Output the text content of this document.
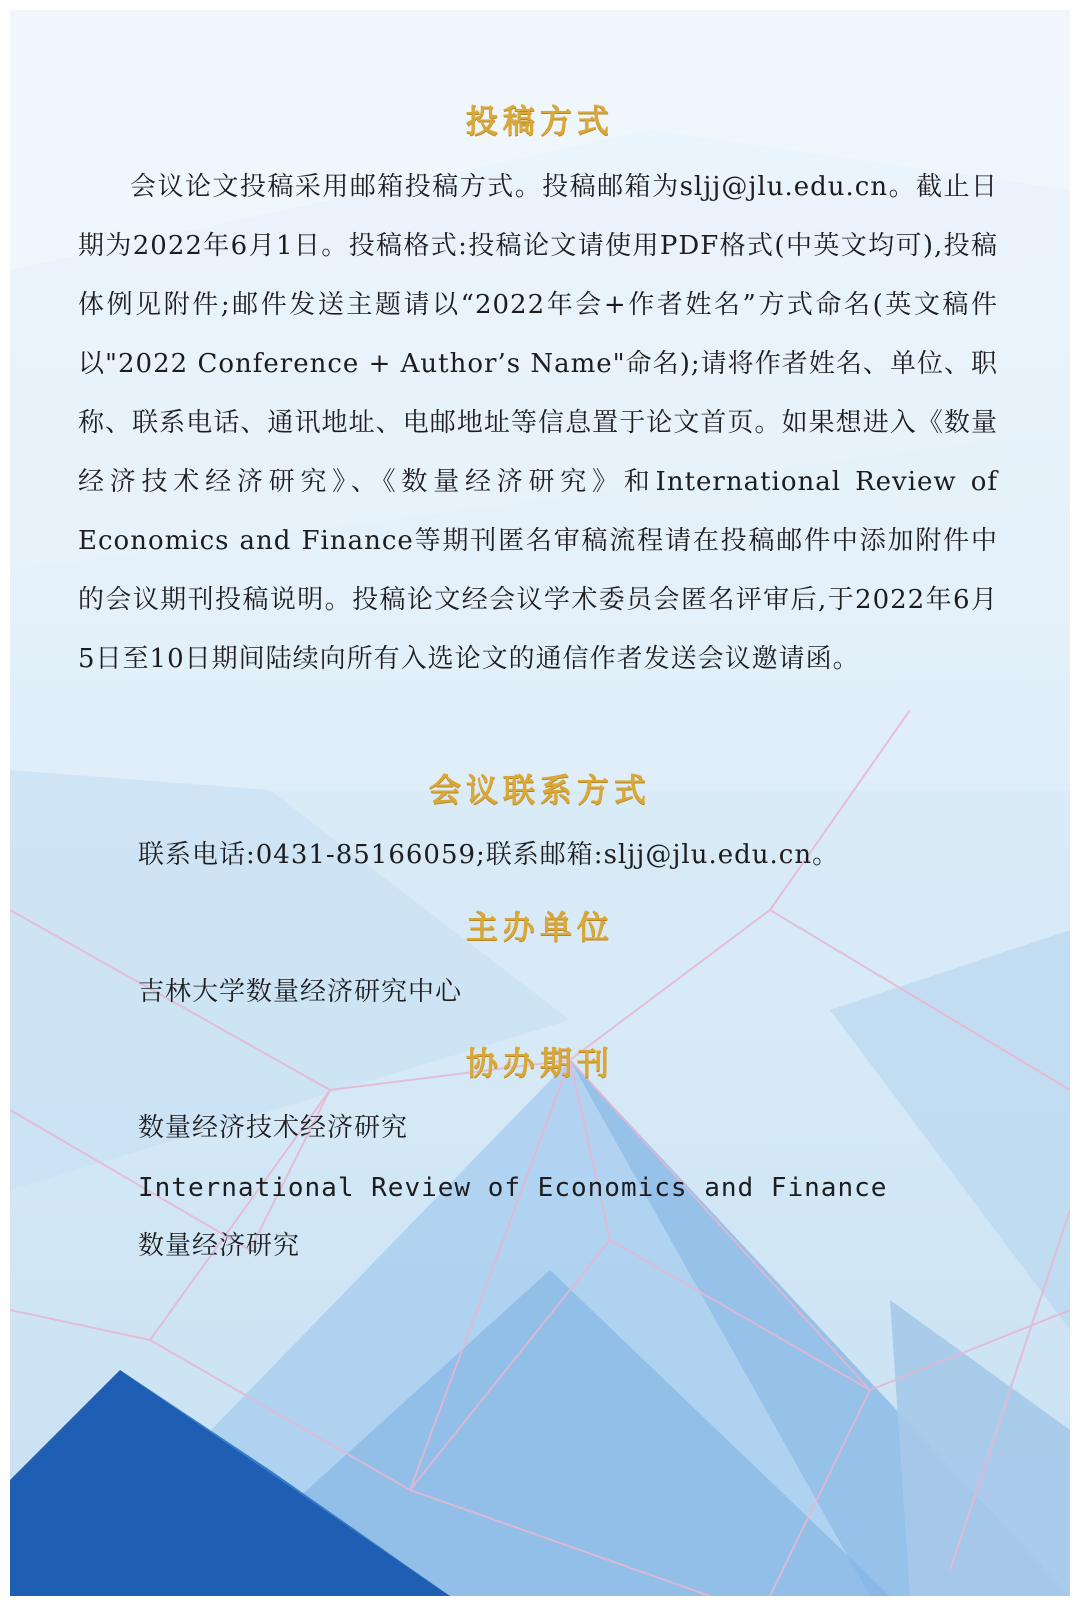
投稿方式

会议论文投稿采用邮箱投稿方式。投稿邮箱为sljj@jlu.edu.cn。截止日期为2022年6月1日。投稿格式:投稿论文请使用PDF格式(中英文均可),投稿体例见附件;邮件发送主题请以“2022年会+作者姓名”方式命名(英文稿件以"2022 Conference + Author’s Name"命名);请将作者姓名、单位、职称、联系电话、通讯地址、电邮地址等信息置于论文首页。如果想进入《数量经济技术经济研究》、《数量经济研究》和International Review of Economics and Finance等期刊匿名审稿流程请在投稿邮件中添加附件中的会议期刊投稿说明。投稿论文经会议学术委员会匿名评审后,于2022年6月5日至10日期间陆续向所有入选论文的通信作者发送会议邀请函。

会议联系方式

联系电话:0431-85166059;联系邮箱:sljj@jlu.edu.cn。

主办单位

吉林大学数量经济研究中心

协办期刊

数量经济技术经济研究

International Review of Economics and Finance

数量经济研究
